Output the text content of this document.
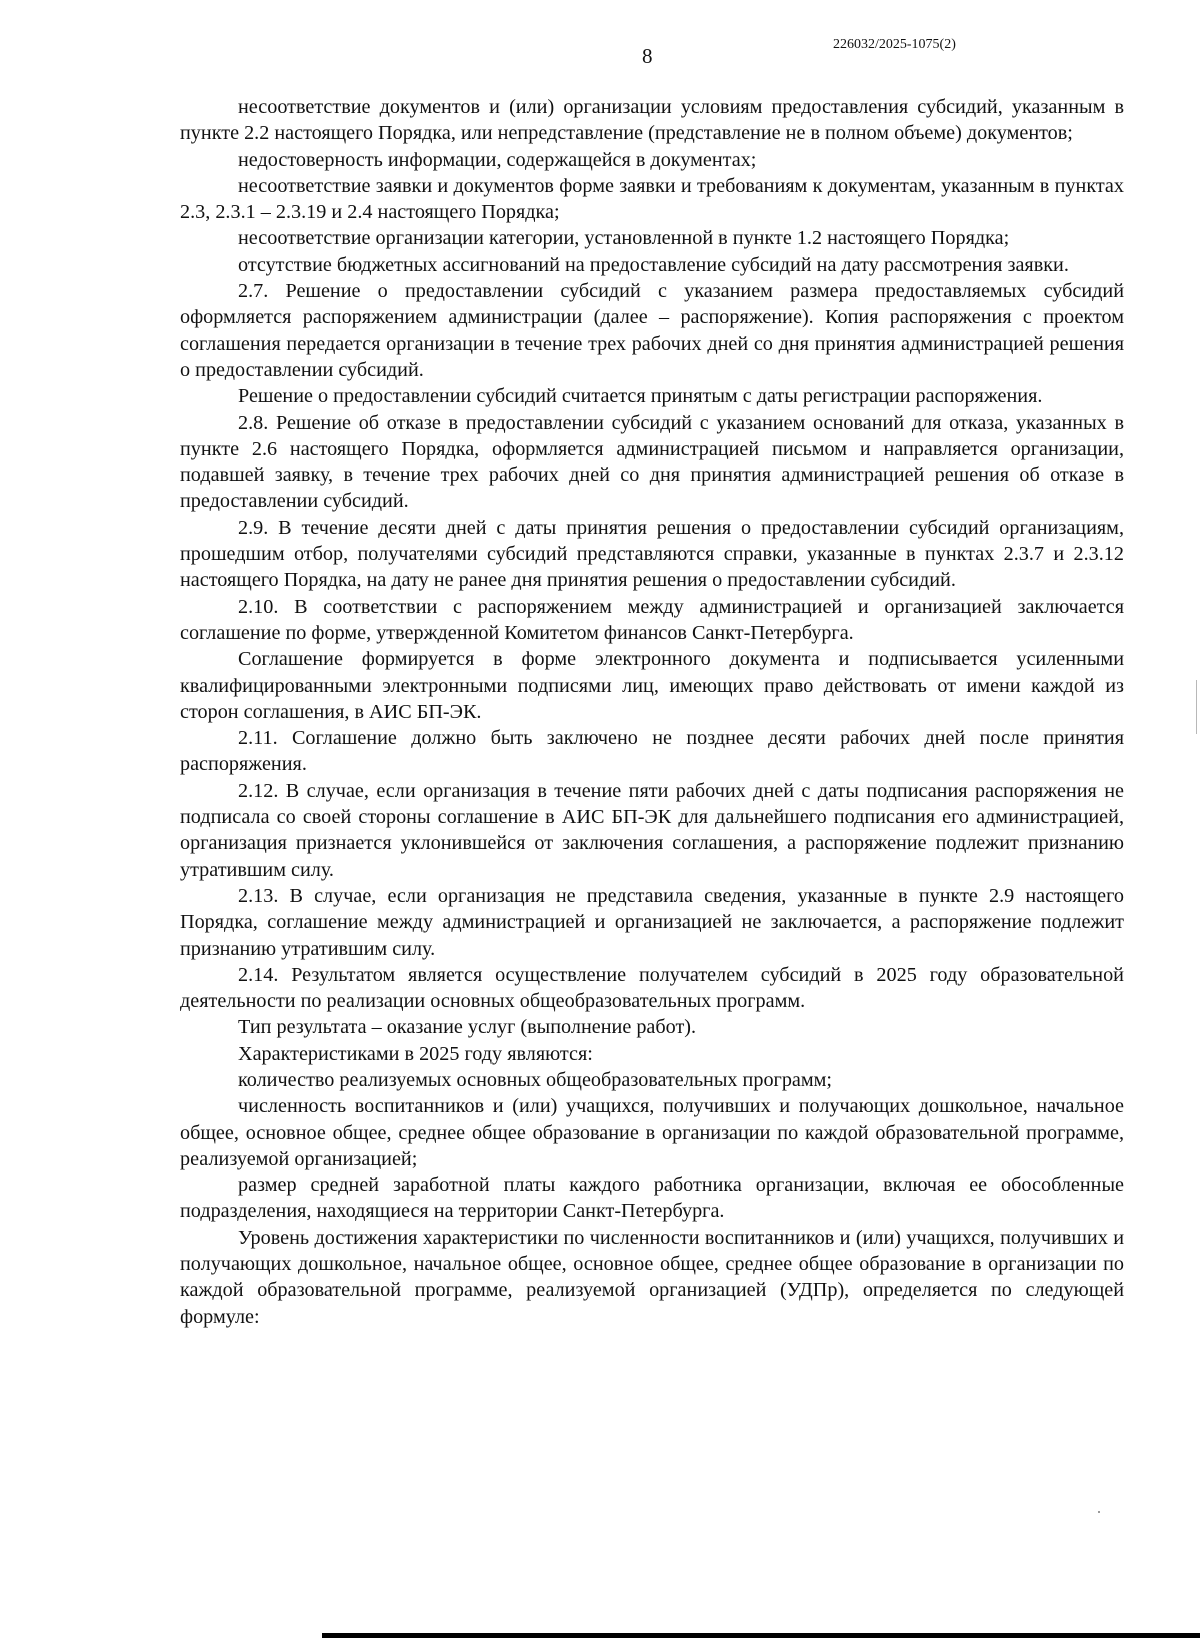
8	226032/2025-1075(2)

несоответствие документов и (или) организации условиям предоставления субсидий, указанным в пункте 2.2 настоящего Порядка, или непредставление (представление не в полном объеме) документов;

недостоверность информации, содержащейся в документах;

несоответствие заявки и документов форме заявки и требованиям к документам, указанным в пунктах 2.3, 2.3.1 – 2.3.19 и 2.4 настоящего Порядка;

несоответствие организации категории, установленной в пункте 1.2 настоящего Порядка;

отсутствие бюджетных ассигнований на предоставление субсидий на дату рассмотрения заявки.

2.7. Решение о предоставлении субсидий с указанием размера предоставляемых субсидий оформляется распоряжением администрации (далее – распоряжение). Копия распоряжения с проектом соглашения передается организации в течение трех рабочих дней со дня принятия администрацией решения о предоставлении субсидий.

Решение о предоставлении субсидий считается принятым с даты регистрации распоряжения.

2.8. Решение об отказе в предоставлении субсидий с указанием оснований для отказа, указанных в пункте 2.6 настоящего Порядка, оформляется администрацией письмом и направляется организации, подавшей заявку, в течение трех рабочих дней со дня принятия администрацией решения об отказе в предоставлении субсидий.

2.9. В течение десяти дней с даты принятия решения о предоставлении субсидий организациям, прошедшим отбор, получателями субсидий представляются справки, указанные в пунктах 2.3.7 и 2.3.12 настоящего Порядка, на дату не ранее дня принятия решения о предоставлении субсидий.

2.10. В соответствии с распоряжением между администрацией и организацией заключается соглашение по форме, утвержденной Комитетом финансов Санкт-Петербурга.

Соглашение формируется в форме электронного документа и подписывается усиленными квалифицированными электронными подписями лиц, имеющих право действовать от имени каждой из сторон соглашения, в АИС БП-ЭК.

2.11. Соглашение должно быть заключено не позднее десяти рабочих дней после принятия распоряжения.

2.12. В случае, если организация в течение пяти рабочих дней с даты подписания распоряжения не подписала со своей стороны соглашение в АИС БП-ЭК для дальнейшего подписания его администрацией, организация признается уклонившейся от заключения соглашения, а распоряжение подлежит признанию утратившим силу.

2.13. В случае, если организация не представила сведения, указанные в пункте 2.9 настоящего Порядка, соглашение между администрацией и организацией не заключается, а распоряжение подлежит признанию утратившим силу.

2.14. Результатом является осуществление получателем субсидий в 2025 году образовательной деятельности по реализации основных общеобразовательных программ.

Тип результата – оказание услуг (выполнение работ).

Характеристиками в 2025 году являются:

количество реализуемых основных общеобразовательных программ;

численность воспитанников и (или) учащихся, получивших и получающих дошкольное, начальное общее, основное общее, среднее общее образование в организации по каждой образовательной программе, реализуемой организацией;

размер средней заработной платы каждого работника организации, включая ее обособленные подразделения, находящиеся на территории Санкт-Петербурга.

Уровень достижения характеристики по численности воспитанников и (или) учащихся, получивших и получающих дошкольное, начальное общее, основное общее, среднее общее образование в организации по каждой образовательной программе, реализуемой организацией (УДПр), определяется по следующей формуле:
